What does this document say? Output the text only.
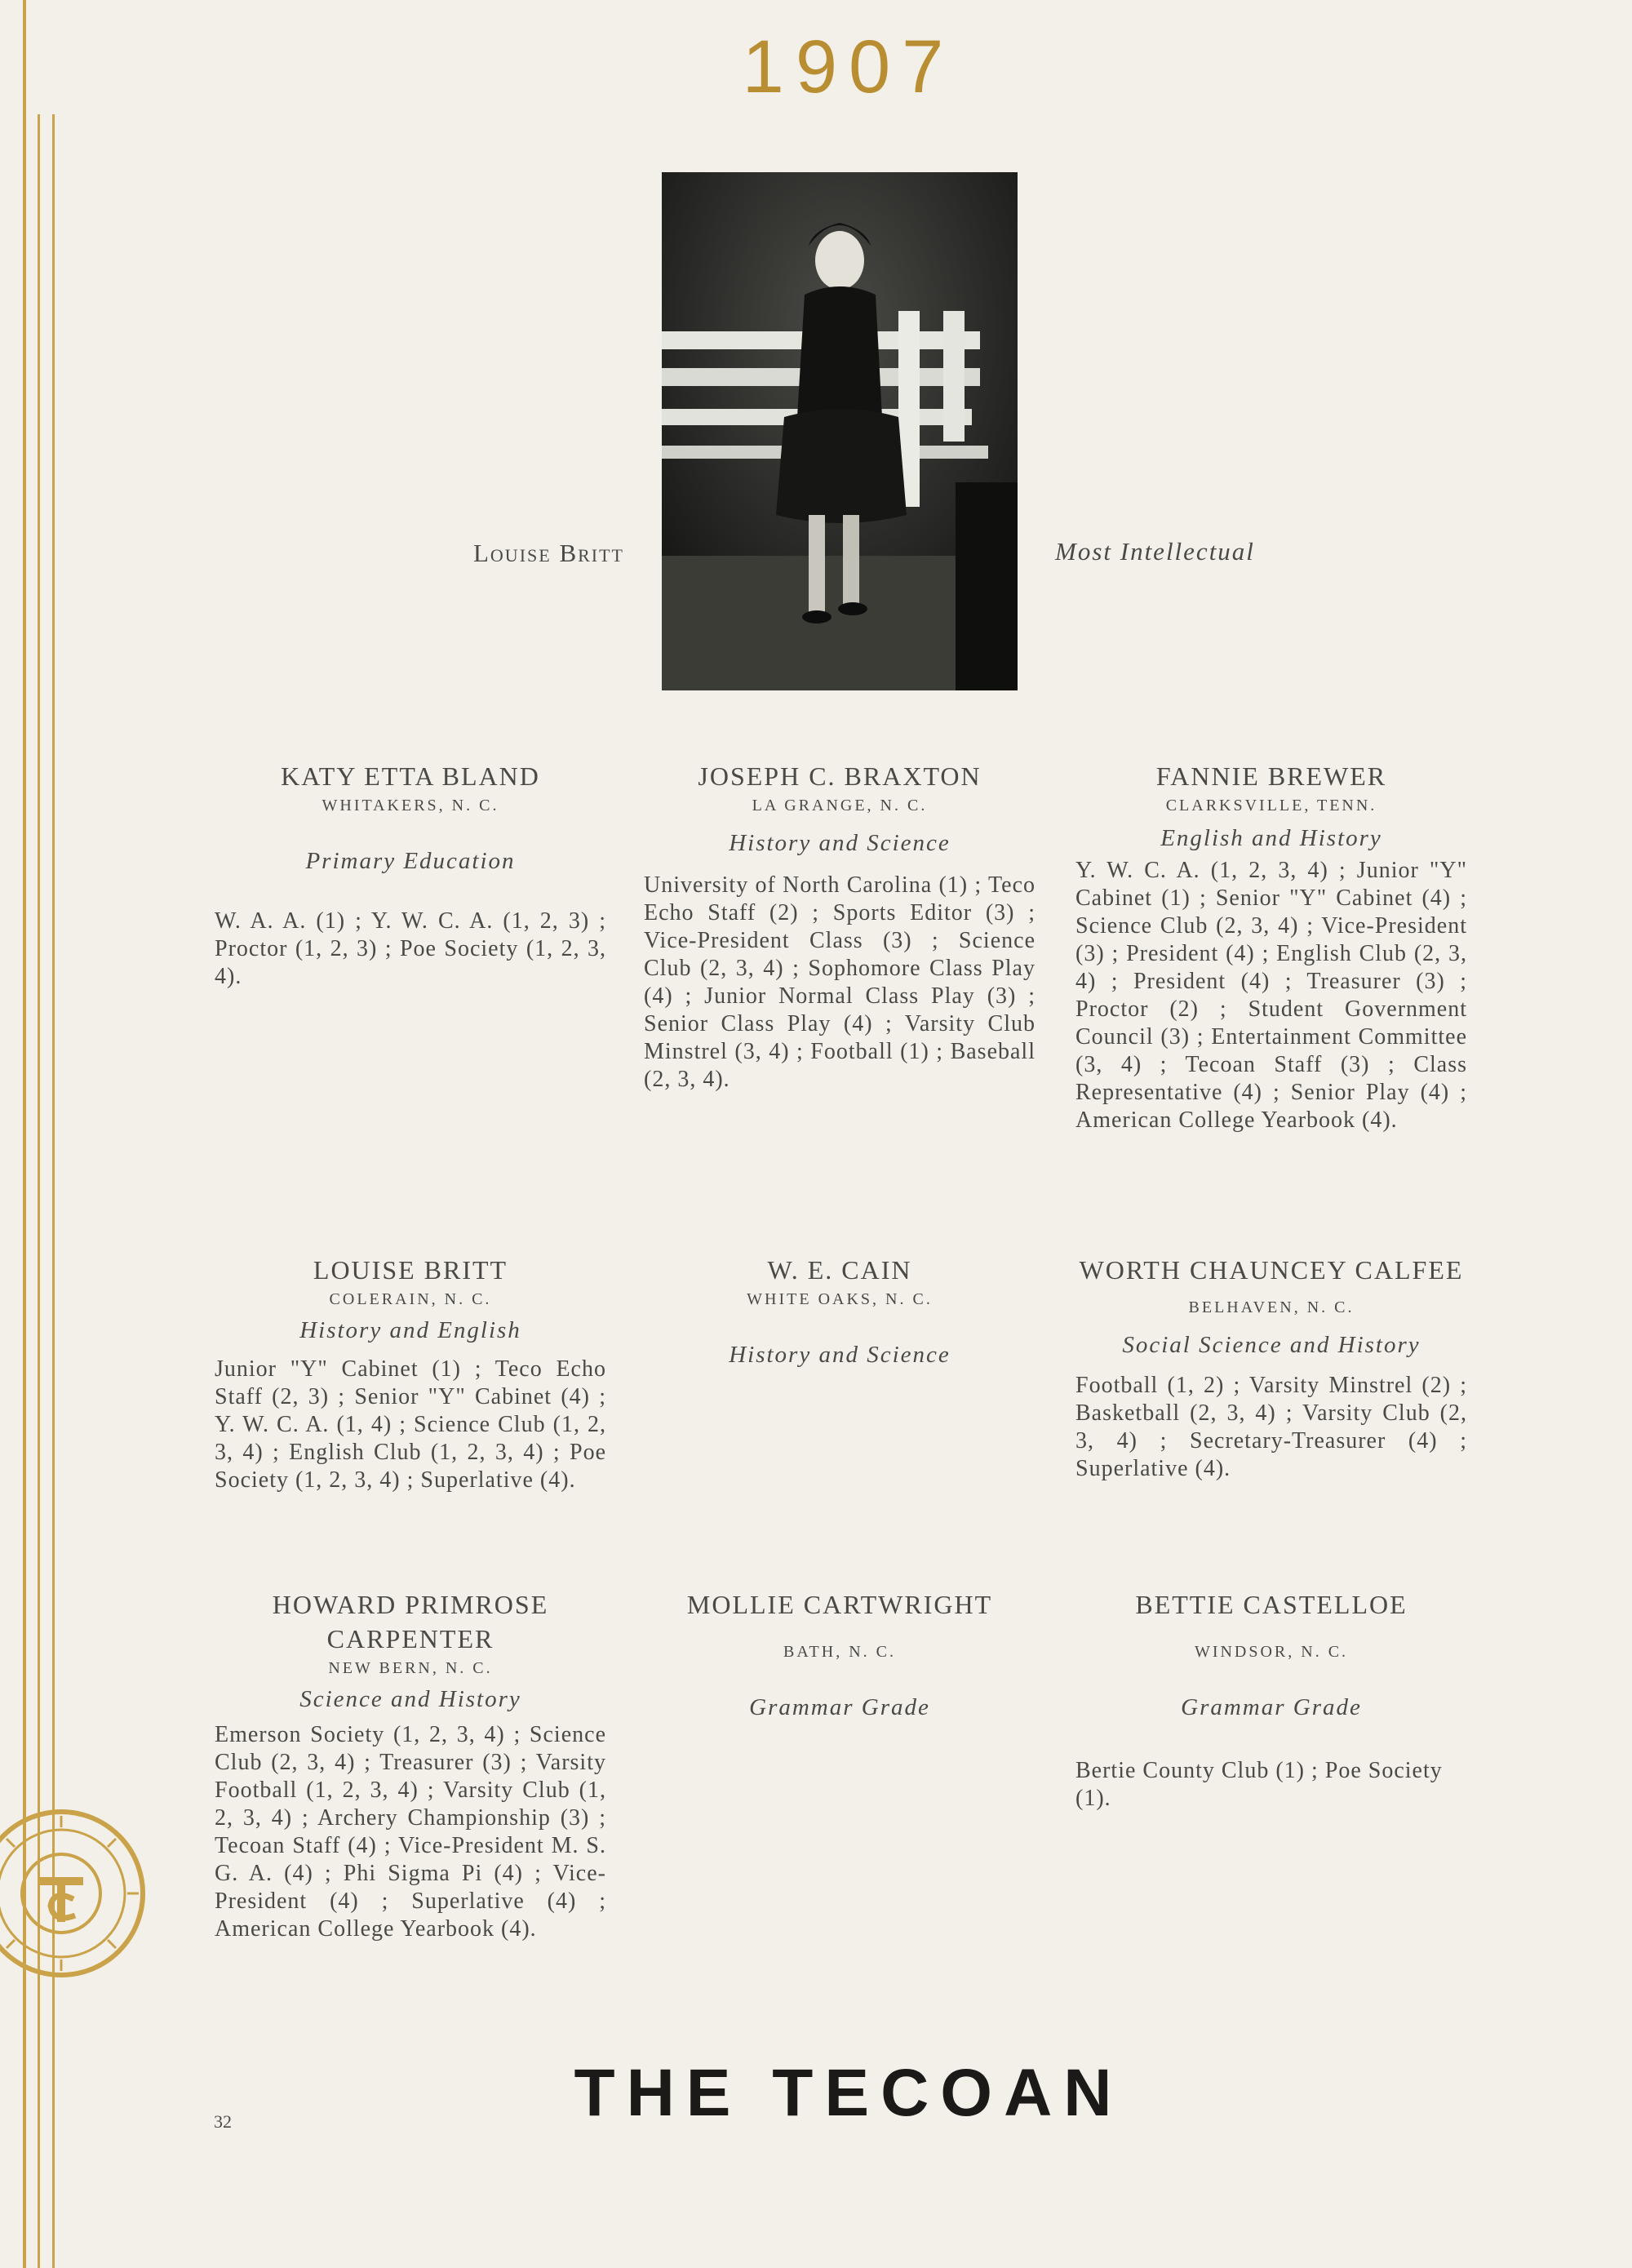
1907
Louise Britt	Most Intellectual
KATY ETTA BLAND
WHITAKERS, N. C.
Primary Education
W. A. A. (1) ; Y. W. C. A. (1, 2, 3) ; Proctor (1, 2, 3) ; Poe Society (1, 2, 3, 4).
JOSEPH C. BRAXTON
LA GRANGE, N. C.
History and Science
University of North Carolina (1) ; Teco Echo Staff (2) ; Sports Editor (3) ; Vice-President Class (3) ; Science Club (2, 3, 4) ; Sophomore Class Play (4) ; Junior Normal Class Play (3) ; Senior Class Play (4) ; Varsity Club Minstrel (3, 4) ; Football (1) ; Baseball (2, 3, 4).
FANNIE BREWER
CLARKSVILLE, TENN.
English and History
Y. W. C. A. (1, 2, 3, 4) ; Junior "Y" Cabinet (1) ; Senior "Y" Cabinet (4) ; Science Club (2, 3, 4) ; Vice-President (3) ; President (4) ; English Club (2, 3, 4) ; President (4) ; Treasurer (3) ; Proctor (2) ; Student Government Council (3) ; Entertainment Committee (3, 4) ; Tecoan Staff (3) ; Class Representative (4) ; Senior Play (4) ; American College Yearbook (4).
LOUISE BRITT
COLERAIN, N. C.
History and English
Junior "Y" Cabinet (1) ; Teco Echo Staff (2, 3) ; Senior "Y" Cabinet (4) ; Y. W. C. A. (1, 4) ; Science Club (1, 2, 3, 4) ; English Club (1, 2, 3, 4) ; Poe Society (1, 2, 3, 4) ; Superlative (4).
W. E. CAIN
WHITE OAKS, N. C.
History and Science
WORTH CHAUNCEY CALFEE
BELHAVEN, N. C.
Social Science and History
Football (1, 2) ; Varsity Minstrel (2) ; Basketball (2, 3, 4) ; Varsity Club (2, 3, 4) ; Secretary-Treasurer (4) ; Superlative (4).
HOWARD PRIMROSE CARPENTER
NEW BERN, N. C.
Science and History
Emerson Society (1, 2, 3, 4) ; Science Club (2, 3, 4) ; Treasurer (3) ; Varsity Football (1, 2, 3, 4) ; Varsity Club (1, 2, 3, 4) ; Archery Championship (3) ; Tecoan Staff (4) ; Vice-President M. S. G. A. (4) ; Phi Sigma Pi (4) ; Vice-President (4) ; Superlative (4) ; American College Yearbook (4).
MOLLIE CARTWRIGHT
BATH, N. C.
Grammar Grade
BETTIE CASTELLOE
WINDSOR, N. C.
Grammar Grade
Bertie County Club (1) ; Poe Society (1).
32	THE TECOAN
